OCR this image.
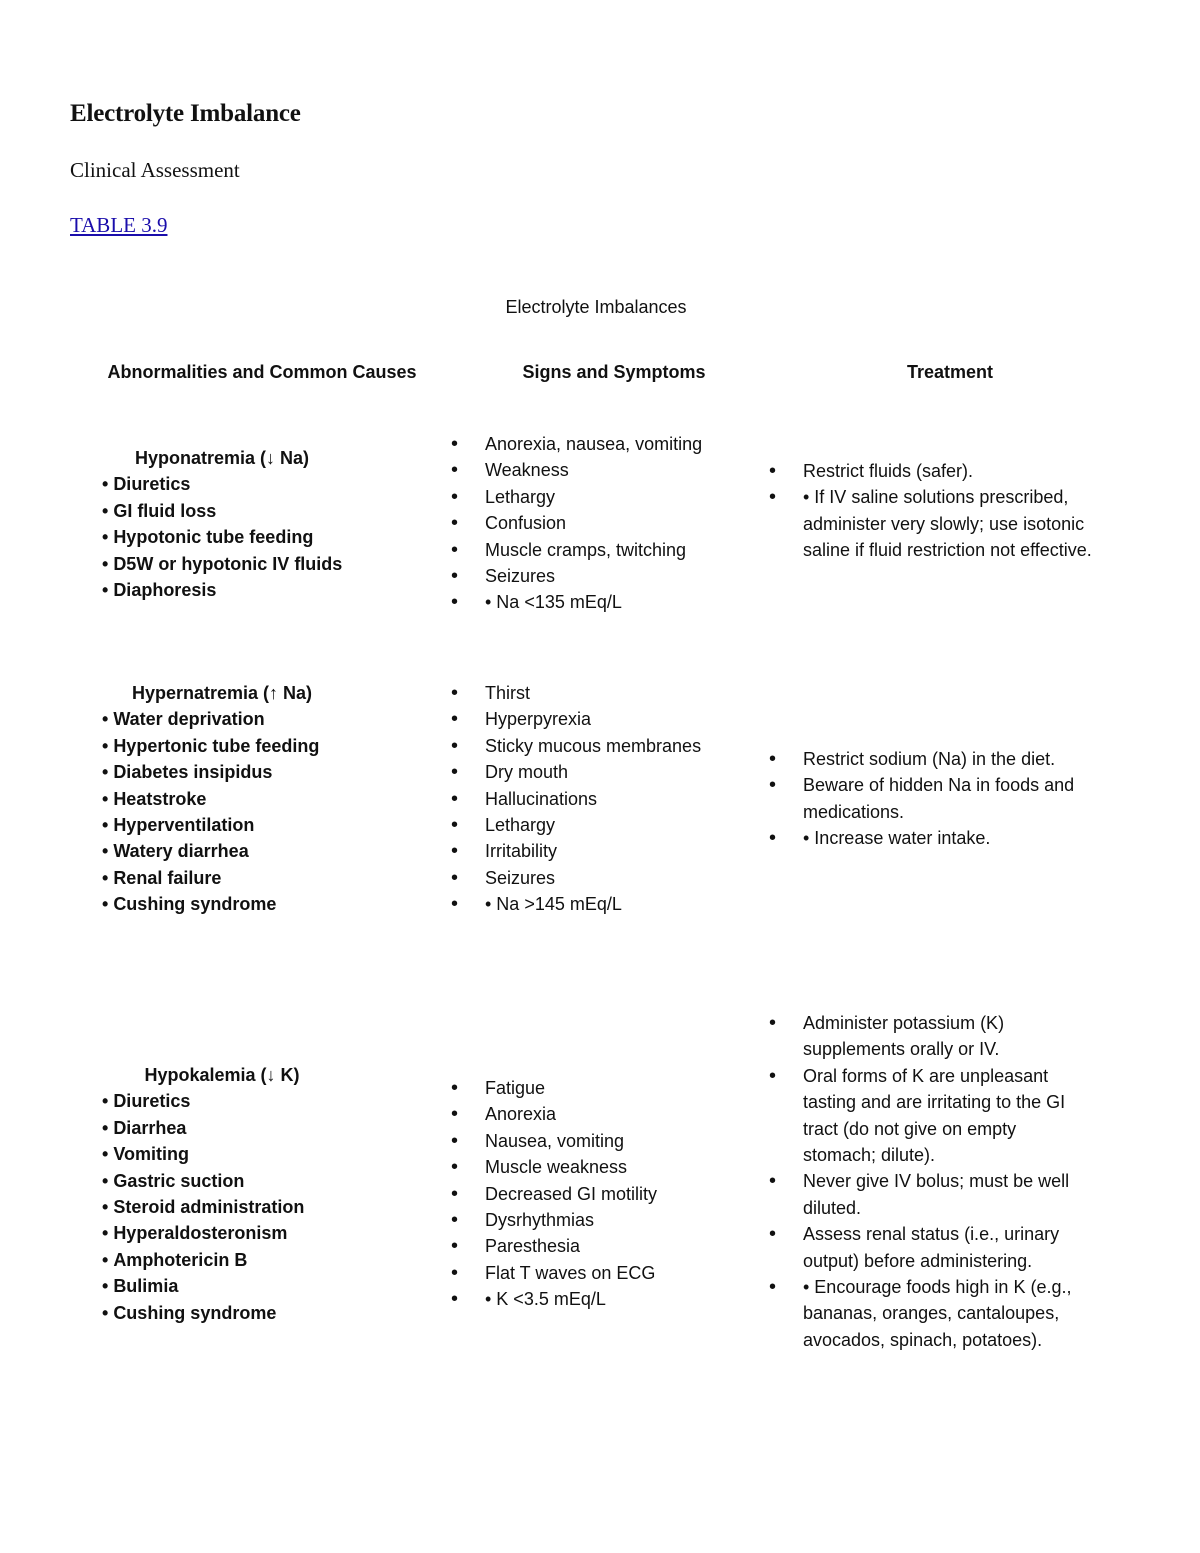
Electrolyte Imbalance
Clinical Assessment
TABLE 3.9
Electrolyte Imbalances
Abnormalities and Common Causes	Signs and Symptoms	Treatment
Hyponatremia (↓ Na)
• Diuretics
• GI fluid loss
• Hypotonic tube feeding
• D5W or hypotonic IV fluids
• Diaphoresis
• Anorexia, nausea, vomiting
• Weakness
• Lethargy
• Confusion
• Muscle cramps, twitching
• Seizures
• • Na <135 mEq/L
• Restrict fluids (safer).
• • If IV saline solutions prescribed, administer very slowly; use isotonic saline if fluid restriction not effective.
Hypernatremia (↑ Na)
• Water deprivation
• Hypertonic tube feeding
• Diabetes insipidus
• Heatstroke
• Hyperventilation
• Watery diarrhea
• Renal failure
• Cushing syndrome
• Thirst
• Hyperpyrexia
• Sticky mucous membranes
• Dry mouth
• Hallucinations
• Lethargy
• Irritability
• Seizures
• • Na >145 mEq/L
• Restrict sodium (Na) in the diet.
• Beware of hidden Na in foods and medications.
• • Increase water intake.
Hypokalemia (↓ K)
• Diuretics
• Diarrhea
• Vomiting
• Gastric suction
• Steroid administration
• Hyperaldosteronism
• Amphotericin B
• Bulimia
• Cushing syndrome
• Fatigue
• Anorexia
• Nausea, vomiting
• Muscle weakness
• Decreased GI motility
• Dysrhythmias
• Paresthesia
• Flat T waves on ECG
• • K <3.5 mEq/L
• Administer potassium (K) supplements orally or IV.
• Oral forms of K are unpleasant tasting and are irritating to the GI tract (do not give on empty stomach; dilute).
• Never give IV bolus; must be well diluted.
• Assess renal status (i.e., urinary output) before administering.
• • Encourage foods high in K (e.g., bananas, oranges, cantaloupes, avocados, spinach, potatoes).
